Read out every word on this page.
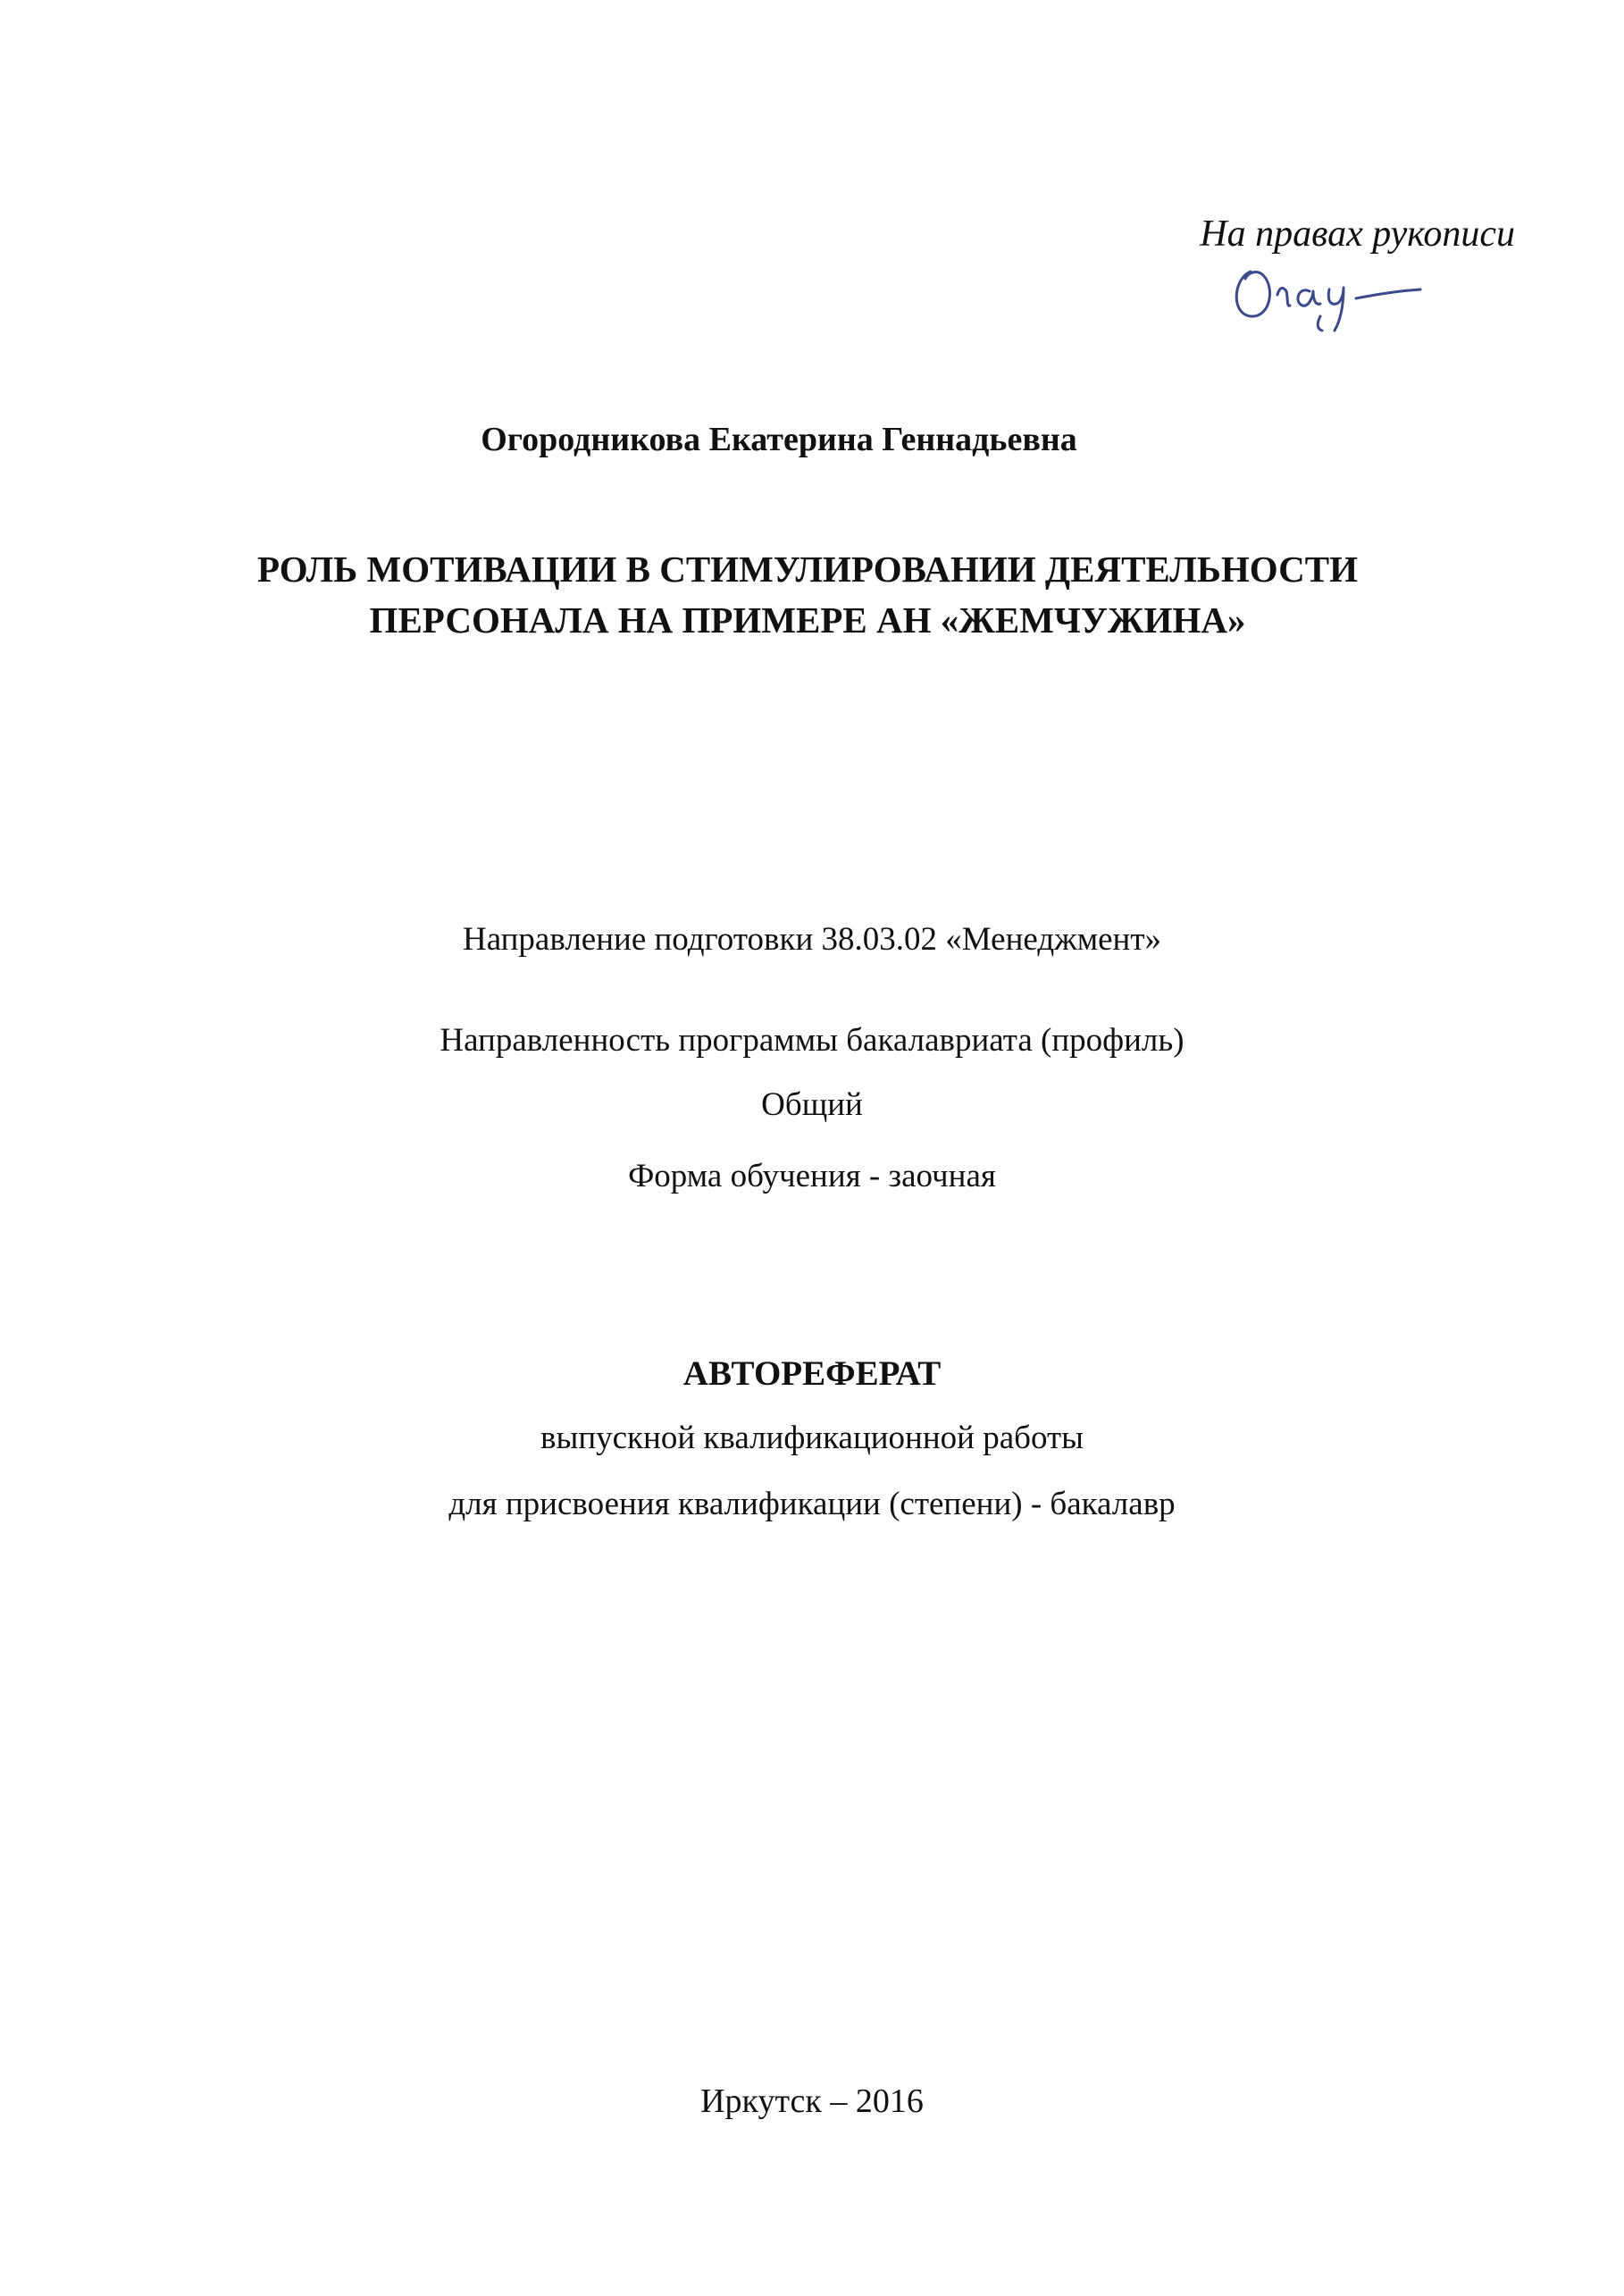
На правах рукописи
Огородникова Екатерина Геннадьевна
РОЛЬ МОТИВАЦИИ В СТИМУЛИРОВАНИИ ДЕЯТЕЛЬНОСТИ
ПЕРСОНАЛА НА ПРИМЕРЕ АН «ЖЕМЧУЖИНА»
Направление подготовки 38.03.02 «Менеджмент»
Направленность программы бакалавриата (профиль)
Общий
Форма обучения - заочная
АВТОРЕФЕРАТ
выпускной квалификационной работы
для присвоения квалификации (степени) - бакалавр
Иркутск – 2016
